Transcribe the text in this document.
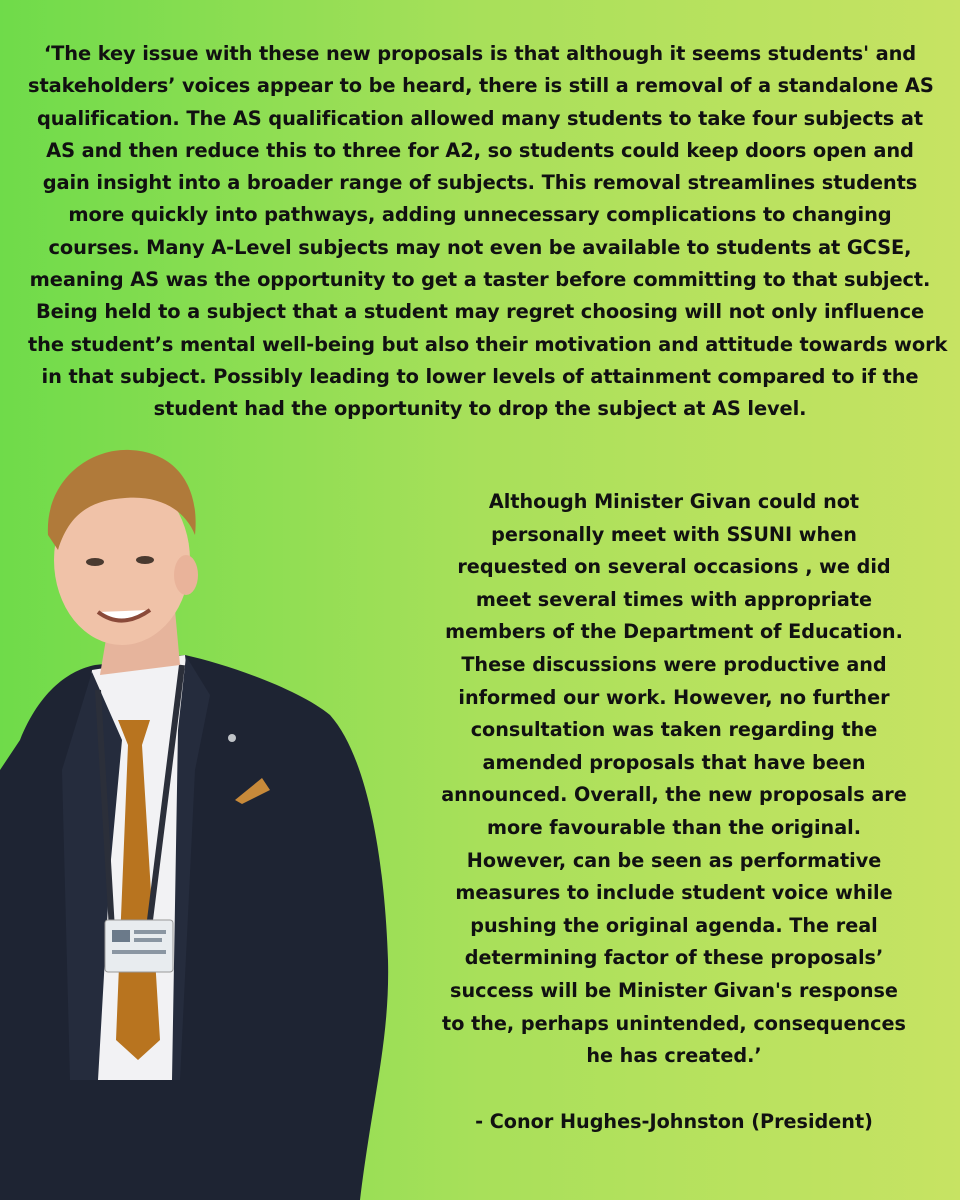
‘The key issue with these new proposals is that although it seems students' and
stakeholders’ voices appear to be heard, there is still a removal of a standalone AS
qualification. The AS qualification allowed many students to take four subjects at
AS and then reduce this to three for A2, so students could keep doors open and
gain insight into a broader range of subjects. This removal streamlines students
more quickly into pathways, adding unnecessary complications to changing
courses. Many A-Level subjects may not even be available to students at GCSE,
meaning AS was the opportunity to get a taster before committing to that subject.
Being held to a subject that a student may regret choosing will not only influence
the student’s mental well-being but also their motivation and attitude towards work
in that subject. Possibly leading to lower levels of attainment compared to if the
student had the opportunity to drop the subject at AS level.
Although Minister Givan could not
personally meet with SSUNI when
requested on several occasions , we did
meet several times with appropriate
members of the Department of Education.
These discussions were productive and
informed our work. However, no further
consultation was taken regarding the
amended proposals that have been
announced. Overall, the new proposals are
more favourable than the original.
However, can be seen as performative
measures to include student voice while
pushing the original agenda. The real
determining factor of these proposals’
success will be Minister Givan's response
to the, perhaps unintended, consequences
he has created.’
- Conor Hughes-Johnston (President)
